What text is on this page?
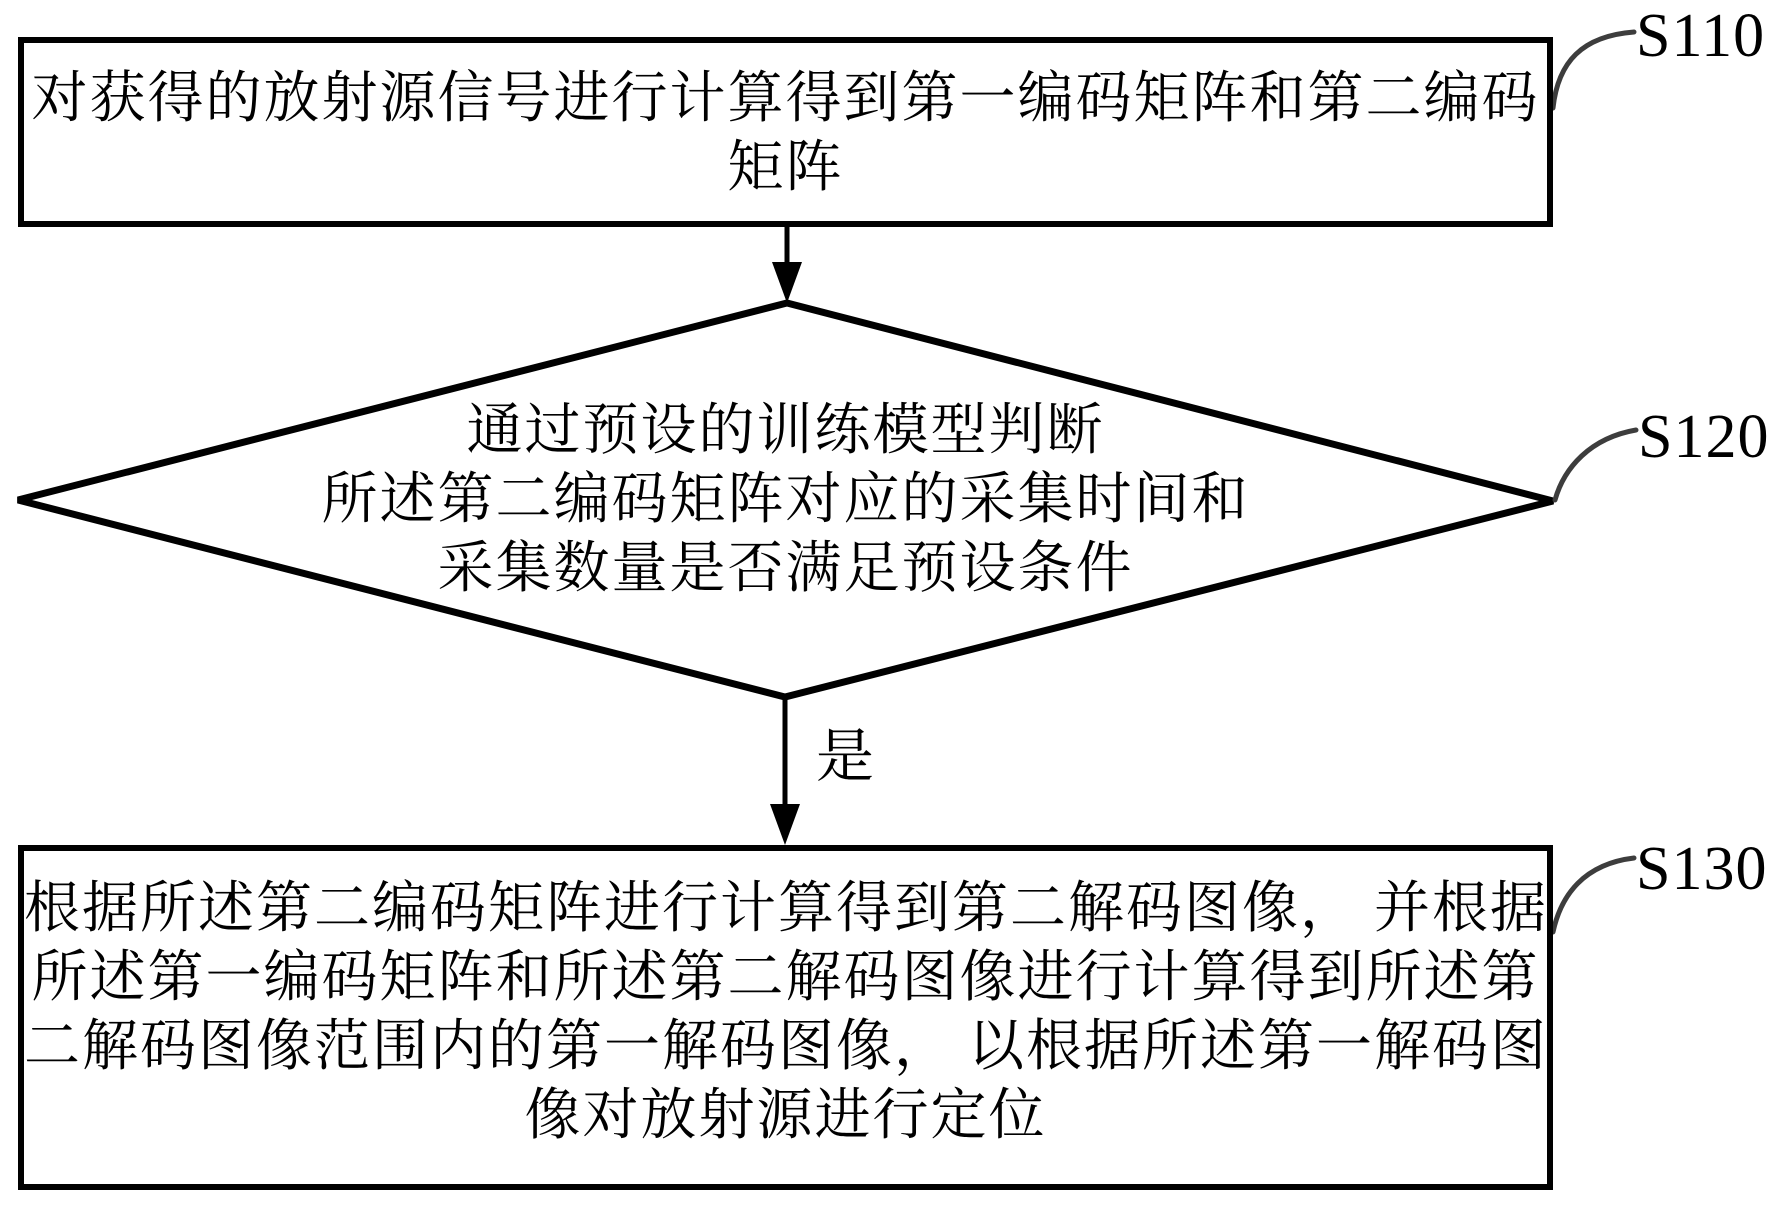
对获得的放射源信号进行计算得到第一编码矩阵和第二编码
矩阵
通过预设的训练模型判断
所述第二编码矩阵对应的采集时间和
采集数量是否满足预设条件
是
根据所述第二编码矩阵进行计算得到第二解码图像， 并根据
所述第一编码矩阵和所述第二解码图像进行计算得到所述第
二解码图像范围内的第一解码图像， 以根据所述第一解码图
像对放射源进行定位
S110
S120
S130
